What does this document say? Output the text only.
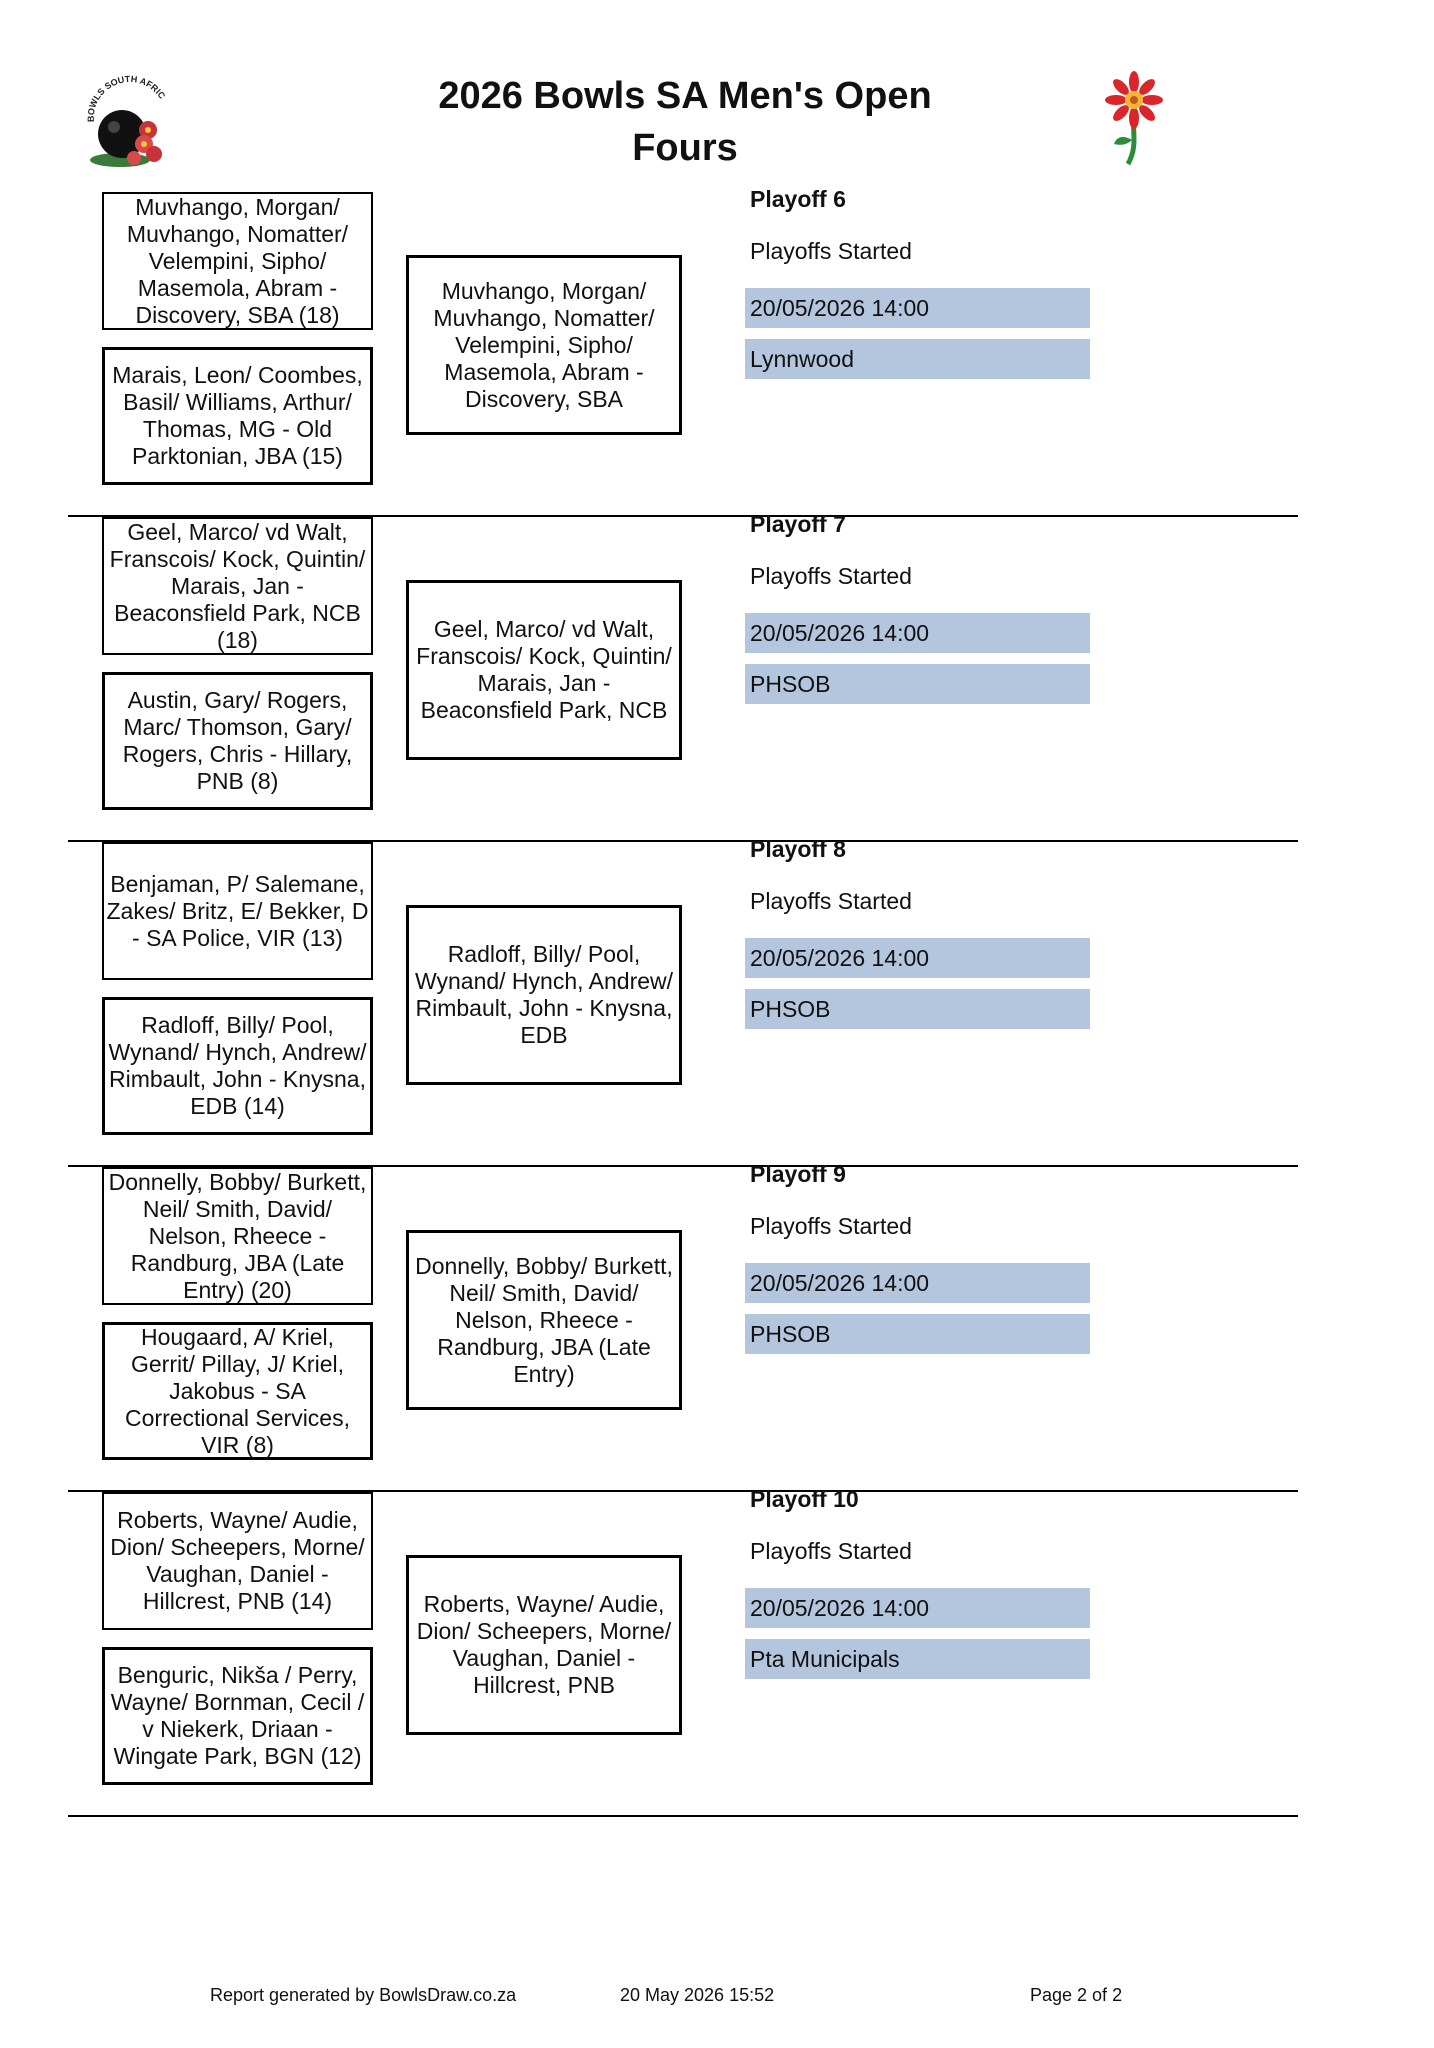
BOWLS SOUTH AFRIC	2026 Bowls SA Men's Open
Fours
Muvhango, Morgan/ Muvhango, Nomatter/ Velempini, Sipho/ Masemola, Abram - Discovery, SBA (18)
Marais, Leon/ Coombes, Basil/ Williams, Arthur/ Thomas, MG - Old Parktonian, JBA (15)
Muvhango, Morgan/ Muvhango, Nomatter/ Velempini, Sipho/ Masemola, Abram - Discovery, SBA
Playoff 6
Playoffs Started
20/05/2026 14:00
Lynnwood
Geel, Marco/ vd Walt, Franscois/ Kock, Quintin/ Marais, Jan - Beaconsfield Park, NCB (18)
Austin, Gary/ Rogers, Marc/ Thomson, Gary/ Rogers, Chris - Hillary, PNB (8)
Geel, Marco/ vd Walt, Franscois/ Kock, Quintin/ Marais, Jan - Beaconsfield Park, NCB
Playoff 7
Playoffs Started
20/05/2026 14:00
PHSOB
Benjaman, P/ Salemane, Zakes/ Britz, E/ Bekker, D - SA Police, VIR (13)
Radloff, Billy/ Pool, Wynand/ Hynch, Andrew/ Rimbault, John - Knysna, EDB (14)
Radloff, Billy/ Pool, Wynand/ Hynch, Andrew/ Rimbault, John - Knysna, EDB
Playoff 8
Playoffs Started
20/05/2026 14:00
PHSOB
Donnelly, Bobby/ Burkett, Neil/ Smith, David/ Nelson, Rheece - Randburg, JBA (Late Entry) (20)
Hougaard, A/ Kriel, Gerrit/ Pillay, J/ Kriel, Jakobus - SA Correctional Services, VIR (8)
Donnelly, Bobby/ Burkett, Neil/ Smith, David/ Nelson, Rheece - Randburg, JBA (Late Entry)
Playoff 9
Playoffs Started
20/05/2026 14:00
PHSOB
Roberts, Wayne/ Audie, Dion/ Scheepers, Morne/ Vaughan, Daniel - Hillcrest, PNB (14)
Benguric, Nikša / Perry, Wayne/ Bornman, Cecil / v Niekerk, Driaan - Wingate Park, BGN (12)
Roberts, Wayne/ Audie, Dion/ Scheepers, Morne/ Vaughan, Daniel - Hillcrest, PNB
Playoff 10
Playoffs Started
20/05/2026 14:00
Pta Municipals
Report generated by BowlsDraw.co.za	20 May 2026 15:52	Page 2 of 2
